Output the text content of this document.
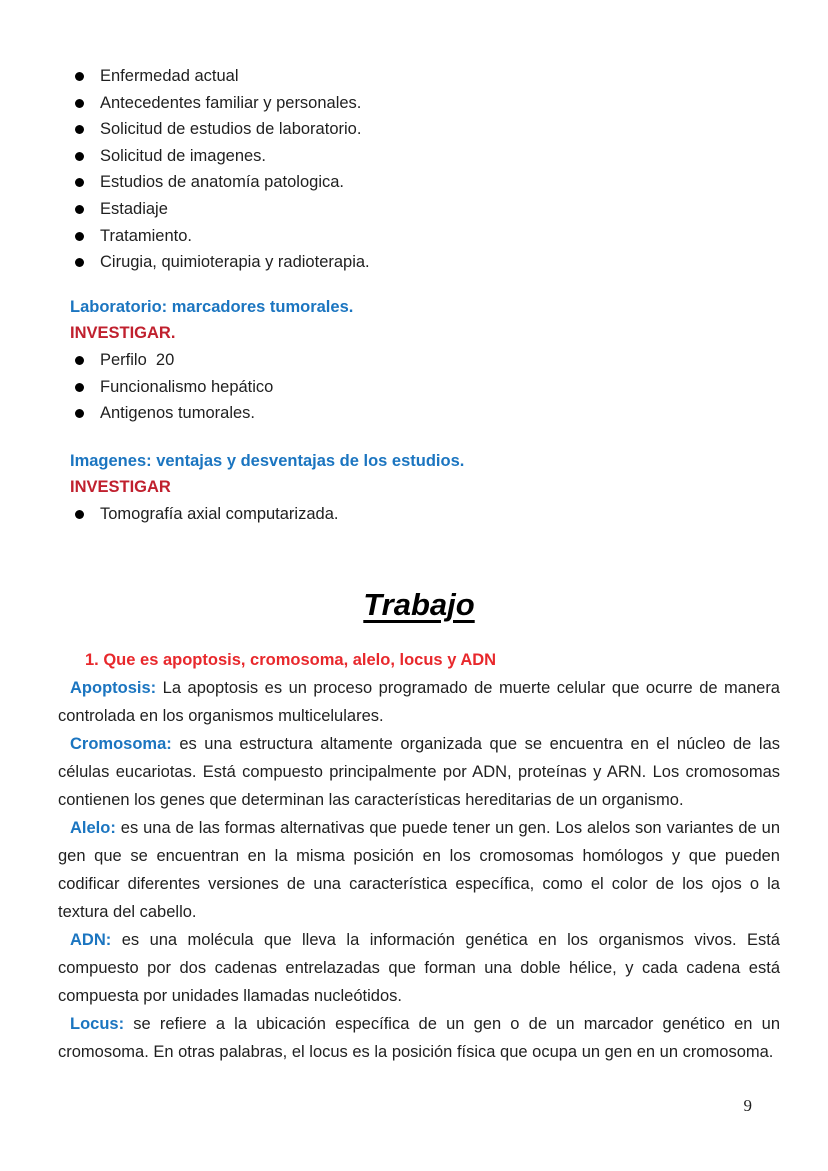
Enfermedad actual
Antecedentes familiar y personales.
Solicitud de estudios de laboratorio.
Solicitud de imagenes.
Estudios de anatomía patologica.
Estadiaje
Tratamiento.
Cirugia, quimioterapia y radioterapia.
Laboratorio: marcadores tumorales.
INVESTIGAR.
Perfilo  20
Funcionalismo hepático
Antigenos tumorales.
Imagenes: ventajas y desventajas de los estudios.
INVESTIGAR
Tomografía axial computarizada.
Trabajo

1. Que es apoptosis, cromosoma, alelo, locus y ADN

Apoptosis: La apoptosis es un proceso programado de muerte celular que ocurre de manera controlada en los organismos multicelulares.

Cromosoma: es una estructura altamente organizada que se encuentra en el núcleo de las células eucariotas. Está compuesto principalmente por ADN, proteínas y ARN. Los cromosomas contienen los genes que determinan las características hereditarias de un organismo.

Alelo: es una de las formas alternativas que puede tener un gen. Los alelos son variantes de un gen que se encuentran en la misma posición en los cromosomas homólogos y que pueden codificar diferentes versiones de una característica específica, como el color de los ojos o la textura del cabello.

ADN: es una molécula que lleva la información genética en los organismos vivos. Está compuesto por dos cadenas entrelazadas que forman una doble hélice, y cada cadena está compuesta por unidades llamadas nucleótidos.

Locus: se refiere a la ubicación específica de un gen o de un marcador genético en un cromosoma. En otras palabras, el locus es la posición física que ocupa un gen en un cromosoma.

9
